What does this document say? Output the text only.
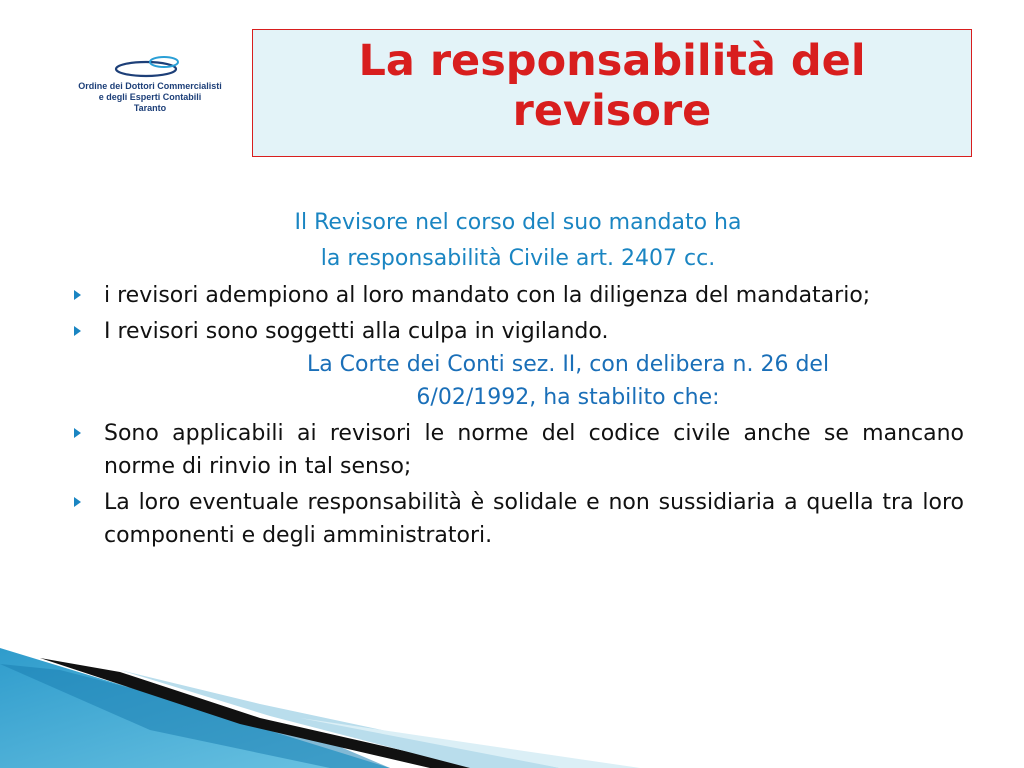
Ordine dei Dottori Commercialisti
e degli Esperti Contabili
Taranto
La responsabilità del
revisore
Il Revisore nel corso del suo mandato ha
la responsabilità Civile art. 2407 cc.
i revisori adempiono al loro mandato con la diligenza del mandatario;
I revisori sono soggetti alla culpa in vigilando.
La Corte dei Conti sez. II, con delibera n. 26 del
6/02/1992, ha stabilito che:
Sono applicabili ai revisori le norme del codice civile anche se mancano norme di rinvio in tal senso;
La loro eventuale responsabilità è solidale e non sussidiaria a quella tra loro componenti e degli amministratori.
